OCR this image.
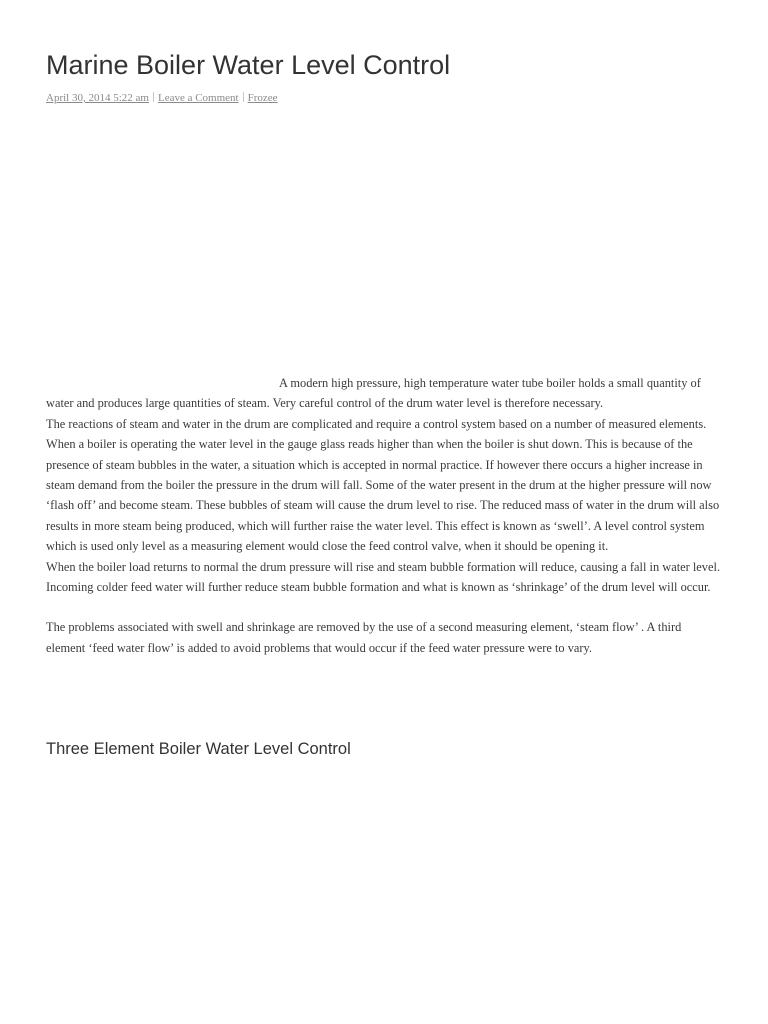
Marine Boiler Water Level Control
April 30, 2014 5:22 am Leave a Comment Frozee

A modern high pressure, high temperature water tube boiler holds a small quantity of water and produces large quantities of steam. Very careful control of the drum water level is therefore necessary.

The reactions of steam and water in the drum are complicated and require a control system based on a number of measured elements.

When a boiler is operating the water level in the gauge glass reads higher than when the boiler is shut down. This is because of the presence of steam bubbles in the water, a situation which is accepted in normal practice. If however there occurs a higher increase in steam demand from the boiler the pressure in the drum will fall. Some of the water present in the drum at the higher pressure will now ‘flash off’ and become steam. These bubbles of steam will cause the drum level to rise. The reduced mass of water in the drum will also results in more steam being produced, which will further raise the water level. This effect is known as ‘swell’. A level control system which is used only level as a measuring element would close the feed control valve, when it should be opening it.

When the boiler load returns to normal the drum pressure will rise and steam bubble formation will reduce, causing a fall in water level. Incoming colder feed water will further reduce steam bubble formation and what is known as ‘shrinkage’ of the drum level will occur.

The problems associated with swell and shrinkage are removed by the use of a second measuring element, ‘steam flow’ . A third element ‘feed water flow’ is added to avoid problems that would occur if the feed water pressure were to vary.

Three Element Boiler Water Level Control
